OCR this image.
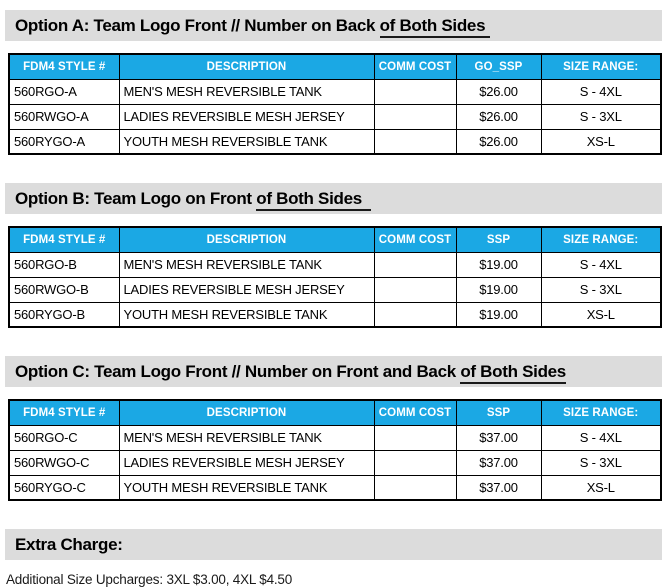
Option A: Team Logo Front // Number on Back of Both Sides
FDM4 STYLE #	DESCRIPTION	COMM COST	GO_SSP	SIZE RANGE:
560RGO-A	MEN'S MESH REVERSIBLE TANK		$26.00	S - 4XL
560RWGO-A	LADIES REVERSIBLE MESH JERSEY		$26.00	S - 3XL
560RYGO-A	YOUTH MESH REVERSIBLE TANK		$26.00	XS-L
Option B: Team Logo on Front of Both Sides
FDM4 STYLE #	DESCRIPTION	COMM COST	SSP	SIZE RANGE:
560RGO-B	MEN'S MESH REVERSIBLE TANK		$19.00	S - 4XL
560RWGO-B	LADIES REVERSIBLE MESH JERSEY		$19.00	S - 3XL
560RYGO-B	YOUTH MESH REVERSIBLE TANK		$19.00	XS-L
Option C: Team Logo Front // Number on Front and Back of Both Sides
FDM4 STYLE #	DESCRIPTION	COMM COST	SSP	SIZE RANGE:
560RGO-C	MEN'S MESH REVERSIBLE TANK		$37.00	S - 4XL
560RWGO-C	LADIES REVERSIBLE MESH JERSEY		$37.00	S - 3XL
560RYGO-C	YOUTH MESH REVERSIBLE TANK		$37.00	XS-L
Extra Charge:
Additional Size Upcharges: 3XL $3.00, 4XL $4.50
